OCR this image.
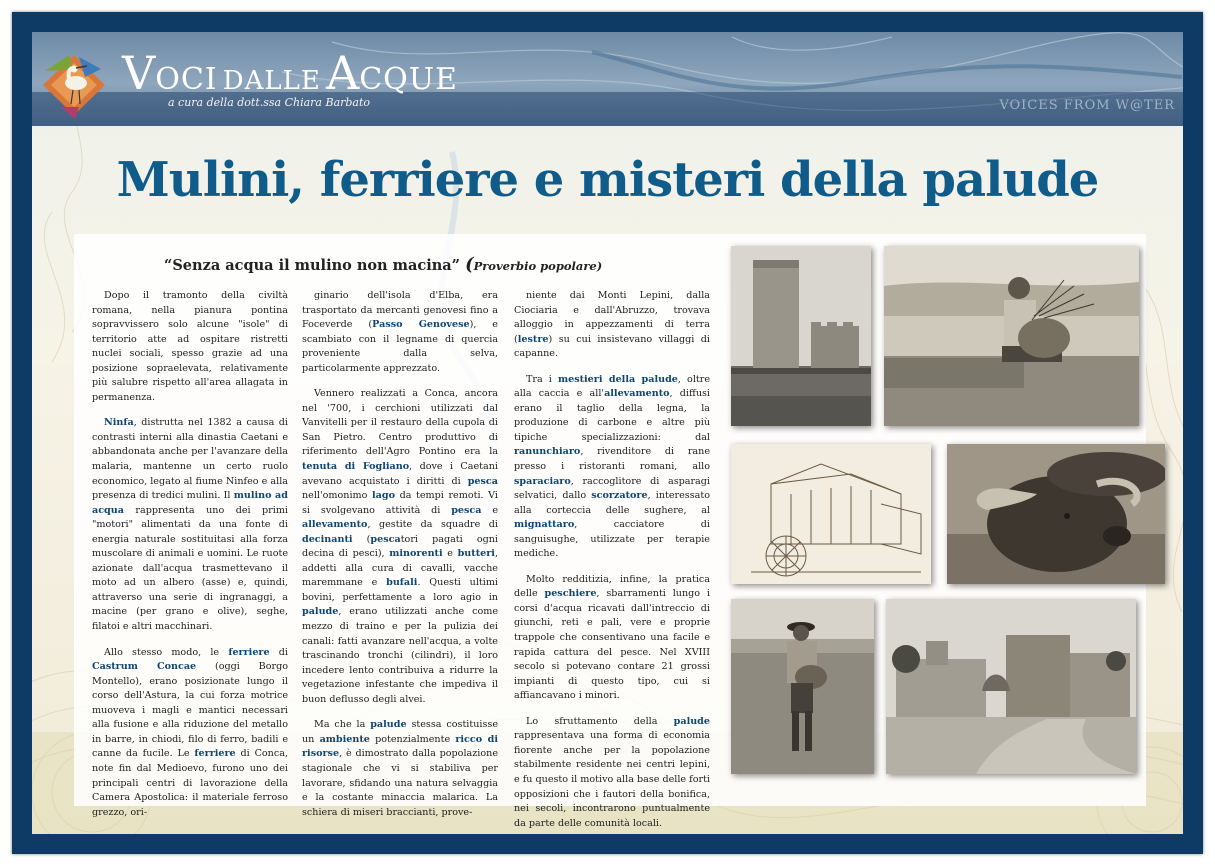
VOCI DALLE ACQUE
a cura della dott.ssa Chiara Barbato	VOICES FROM W@TER
Mulini, ferriere e misteri della palude
“Senza acqua il mulino non macina” (Proverbio popolare)

Dopo il tramonto della civiltà romana, nella pianura pontina sopravvissero solo alcune "isole" di territorio atte ad ospitare ristretti nuclei sociali, spesso grazie ad una posizione sopraelevata, relativamente più salubre rispetto all'area allagata in permanenza.

Ninfa, distrutta nel 1382 a causa di contrasti interni alla dinastia Caetani e abbandonata anche per l'avanzare della malaria, mantenne un certo ruolo economico, legato al fiume Ninfeo e alla presenza di tredici mulini. Il mulino ad acqua rappresenta uno dei primi "motori" alimentati da una fonte di energia naturale sostituitasi alla forza muscolare di animali e uomini. Le ruote azionate dall'acqua trasmettevano il moto ad un albero (asse) e, quindi, attraverso una serie di ingranaggi, a macine (per grano e olive), seghe, filatoi e altri macchinari.

Allo stesso modo, le ferriere di Castrum Concae (oggi Borgo Montello), erano posizionate lungo il corso dell'Astura, la cui forza motrice muoveva i magli e mantici necessari alla fusione e alla riduzione del metallo in barre, in chiodi, filo di ferro, badili e canne da fucile. Le ferriere di Conca, note fin dal Medioevo, furono uno dei principali centri di lavorazione della Camera Apostolica: il materiale ferroso grezzo, ori-

ginario dell'isola d'Elba, era trasportato da mercanti genovesi fino a Foceverde (Passo Genovese), e scambiato con il legname di quercia proveniente dalla selva, particolarmente apprezzato.

Vennero realizzati a Conca, ancora nel '700, i cerchioni utilizzati dal Vanvitelli per il restauro della cupola di San Pietro. Centro produttivo di riferimento dell'Agro Pontino era la tenuta di Fogliano, dove i Caetani avevano acquistato i diritti di pesca nell'omonimo lago da tempi remoti. Vi si svolgevano attività di pesca e allevamento, gestite da squadre di decinanti (pescatori pagati ogni decina di pesci), minorenti e butteri, addetti alla cura di cavalli, vacche maremmane e bufali. Questi ultimi bovini, perfettamente a loro agio in palude, erano utilizzati anche come mezzo di traino e per la pulizia dei canali: fatti avanzare nell'acqua, a volte trascinando tronchi (cilindri), il loro incedere lento contribuiva a ridurre la vegetazione infestante che impediva il buon deflusso degli alvei.

Ma che la palude stessa costituisse un ambiente potenzialmente ricco di risorse, è dimostrato dalla popolazione stagionale che vi si stabiliva per lavorare, sfidando una natura selvaggia e la costante minaccia malarica. La schiera di miseri braccianti, prove-

niente dai Monti Lepini, dalla Ciociaria e dall'Abruzzo, trovava alloggio in appezzamenti di terra (lestre) su cui insistevano villaggi di capanne.

Tra i mestieri della palude, oltre alla caccia e all'allevamento, diffusi erano il taglio della legna, la produzione di carbone e altre più tipiche specializzazioni: dal ranunchiaro, rivenditore di rane presso i ristoranti romani, allo sparaciaro, raccoglitore di asparagi selvatici, dallo scorzatore, interessato alla corteccia delle sughere, al mignattaro, cacciatore di sanguisughe, utilizzate per terapie mediche.

Molto redditizia, infine, la pratica delle peschiere, sbarramenti lungo i corsi d'acqua ricavati dall'intreccio di giunchi, reti e pali, vere e proprie trappole che consentivano una facile e rapida cattura del pesce. Nel XVIII secolo si potevano contare 21 grossi impianti di questo tipo, cui si affiancavano i minori.

Lo sfruttamento della palude rappresentava una forma di economia fiorente anche per la popolazione stabilmente residente nei centri lepini, e fu questo il motivo alla base delle forti opposizioni che i fautori della bonifica, nei secoli, incontrarono puntualmente da parte delle comunità locali.
